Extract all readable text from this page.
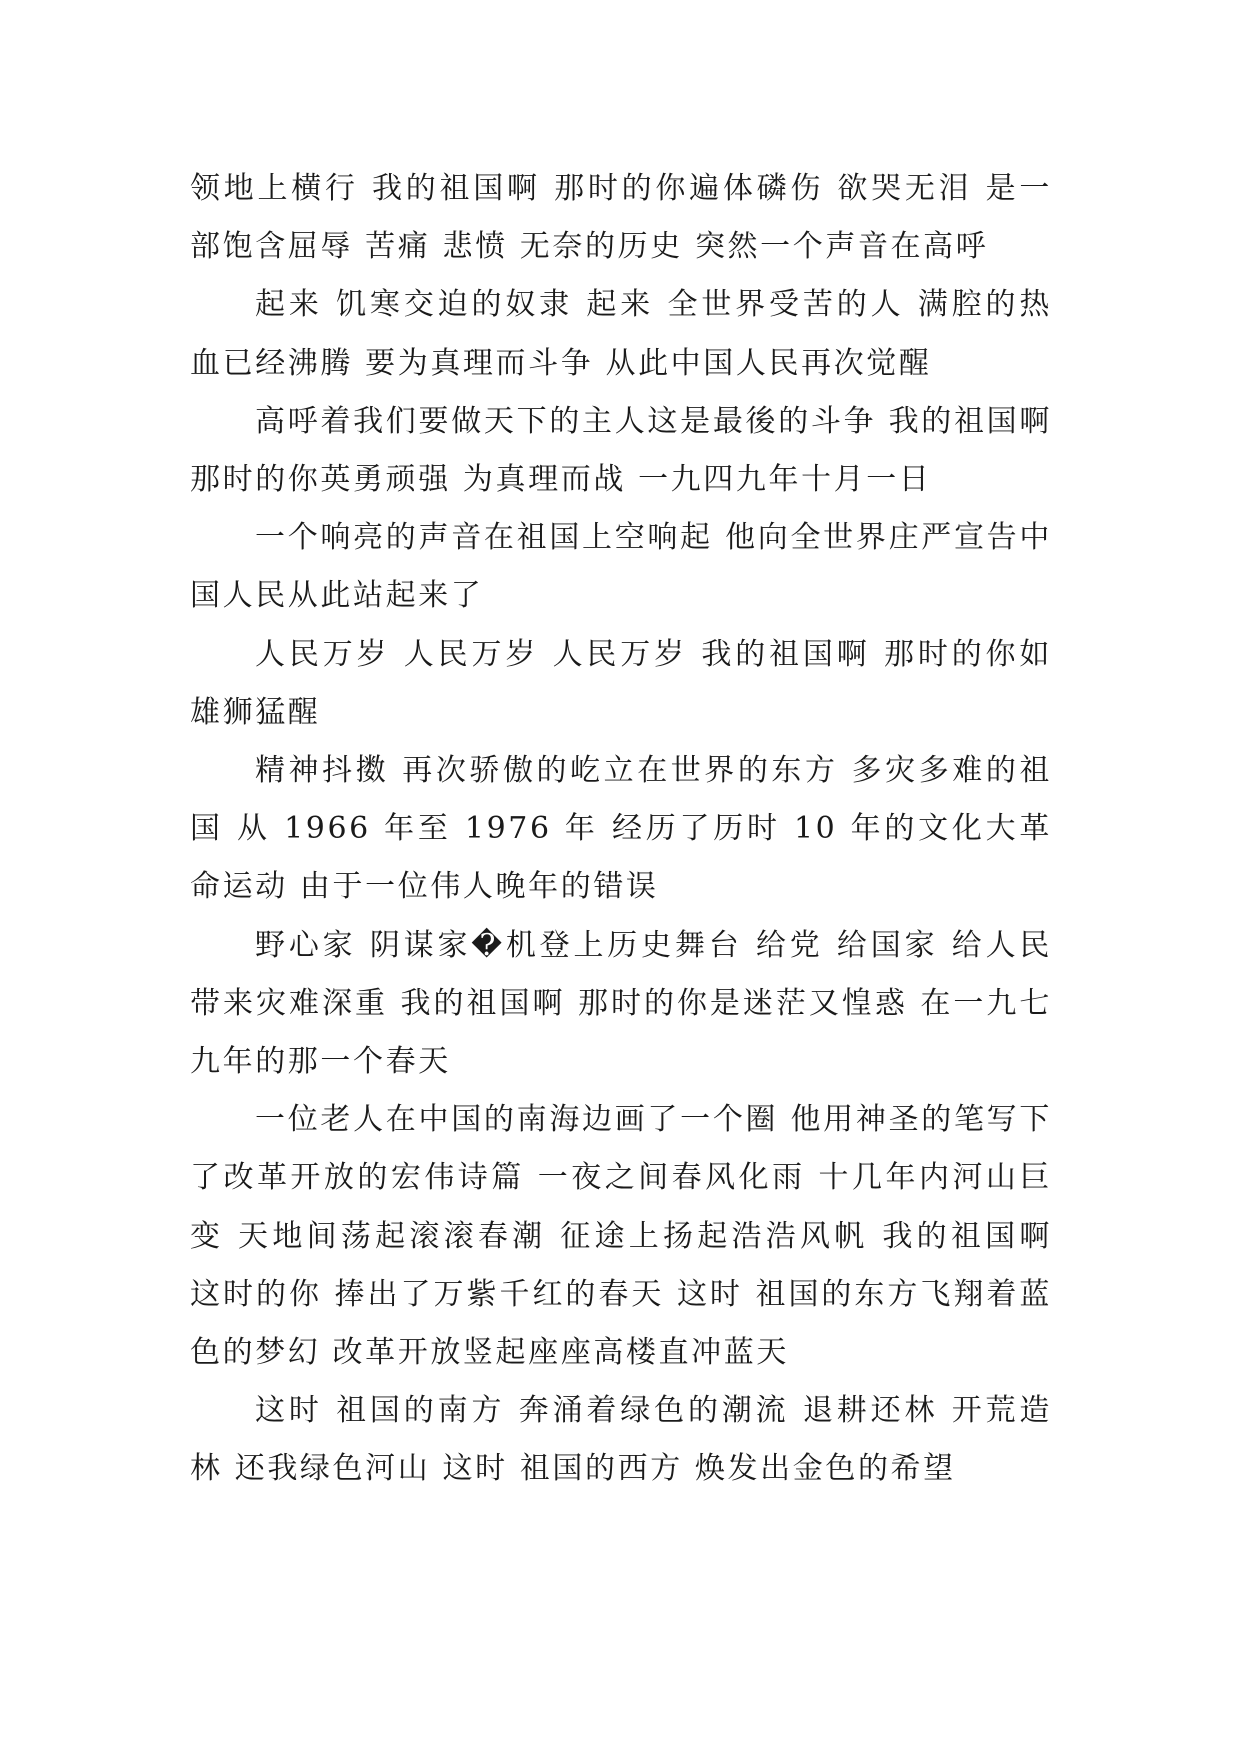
领地上横行 我的祖国啊 那时的你遍体磷伤 欲哭无泪 是一部饱含屈辱 苦痛 悲愤 无奈的历史 突然一个声音在高呼

起来 饥寒交迫的奴隶 起来 全世界受苦的人 满腔的热血已经沸腾 要为真理而斗争 从此中国人民再次觉醒

高呼着我们要做天下的主人这是最後的斗争 我的祖国啊 那时的你英勇顽强 为真理而战 一九四九年十月一日

一个响亮的声音在祖国上空响起 他向全世界庄严宣告中国人民从此站起来了

人民万岁 人民万岁 人民万岁 我的祖国啊 那时的你如雄狮猛醒

精神抖擞 再次骄傲的屹立在世界的东方 多灾多难的祖国 从 1966 年至 1976 年 经历了历时 10 年的文化大革命运动 由于一位伟人晚年的错误

野心家 阴谋家�机登上历史舞台 给党 给国家 给人民带来灾难深重 我的祖国啊 那时的你是迷茫又惶惑 在一九七九年的那一个春天

一位老人在中国的南海边画了一个圈 他用神圣的笔写下了改革开放的宏伟诗篇 一夜之间春风化雨 十几年内河山巨变 天地间荡起滚滚春潮 征途上扬起浩浩风帆 我的祖国啊 这时的你 捧出了万紫千红的春天 这时 祖国的东方飞翔着蓝色的梦幻 改革开放竖起座座高楼直冲蓝天

这时 祖国的南方 奔涌着绿色的潮流 退耕还林 开荒造林 还我绿色河山 这时 祖国的西方 焕发出金色的希望
